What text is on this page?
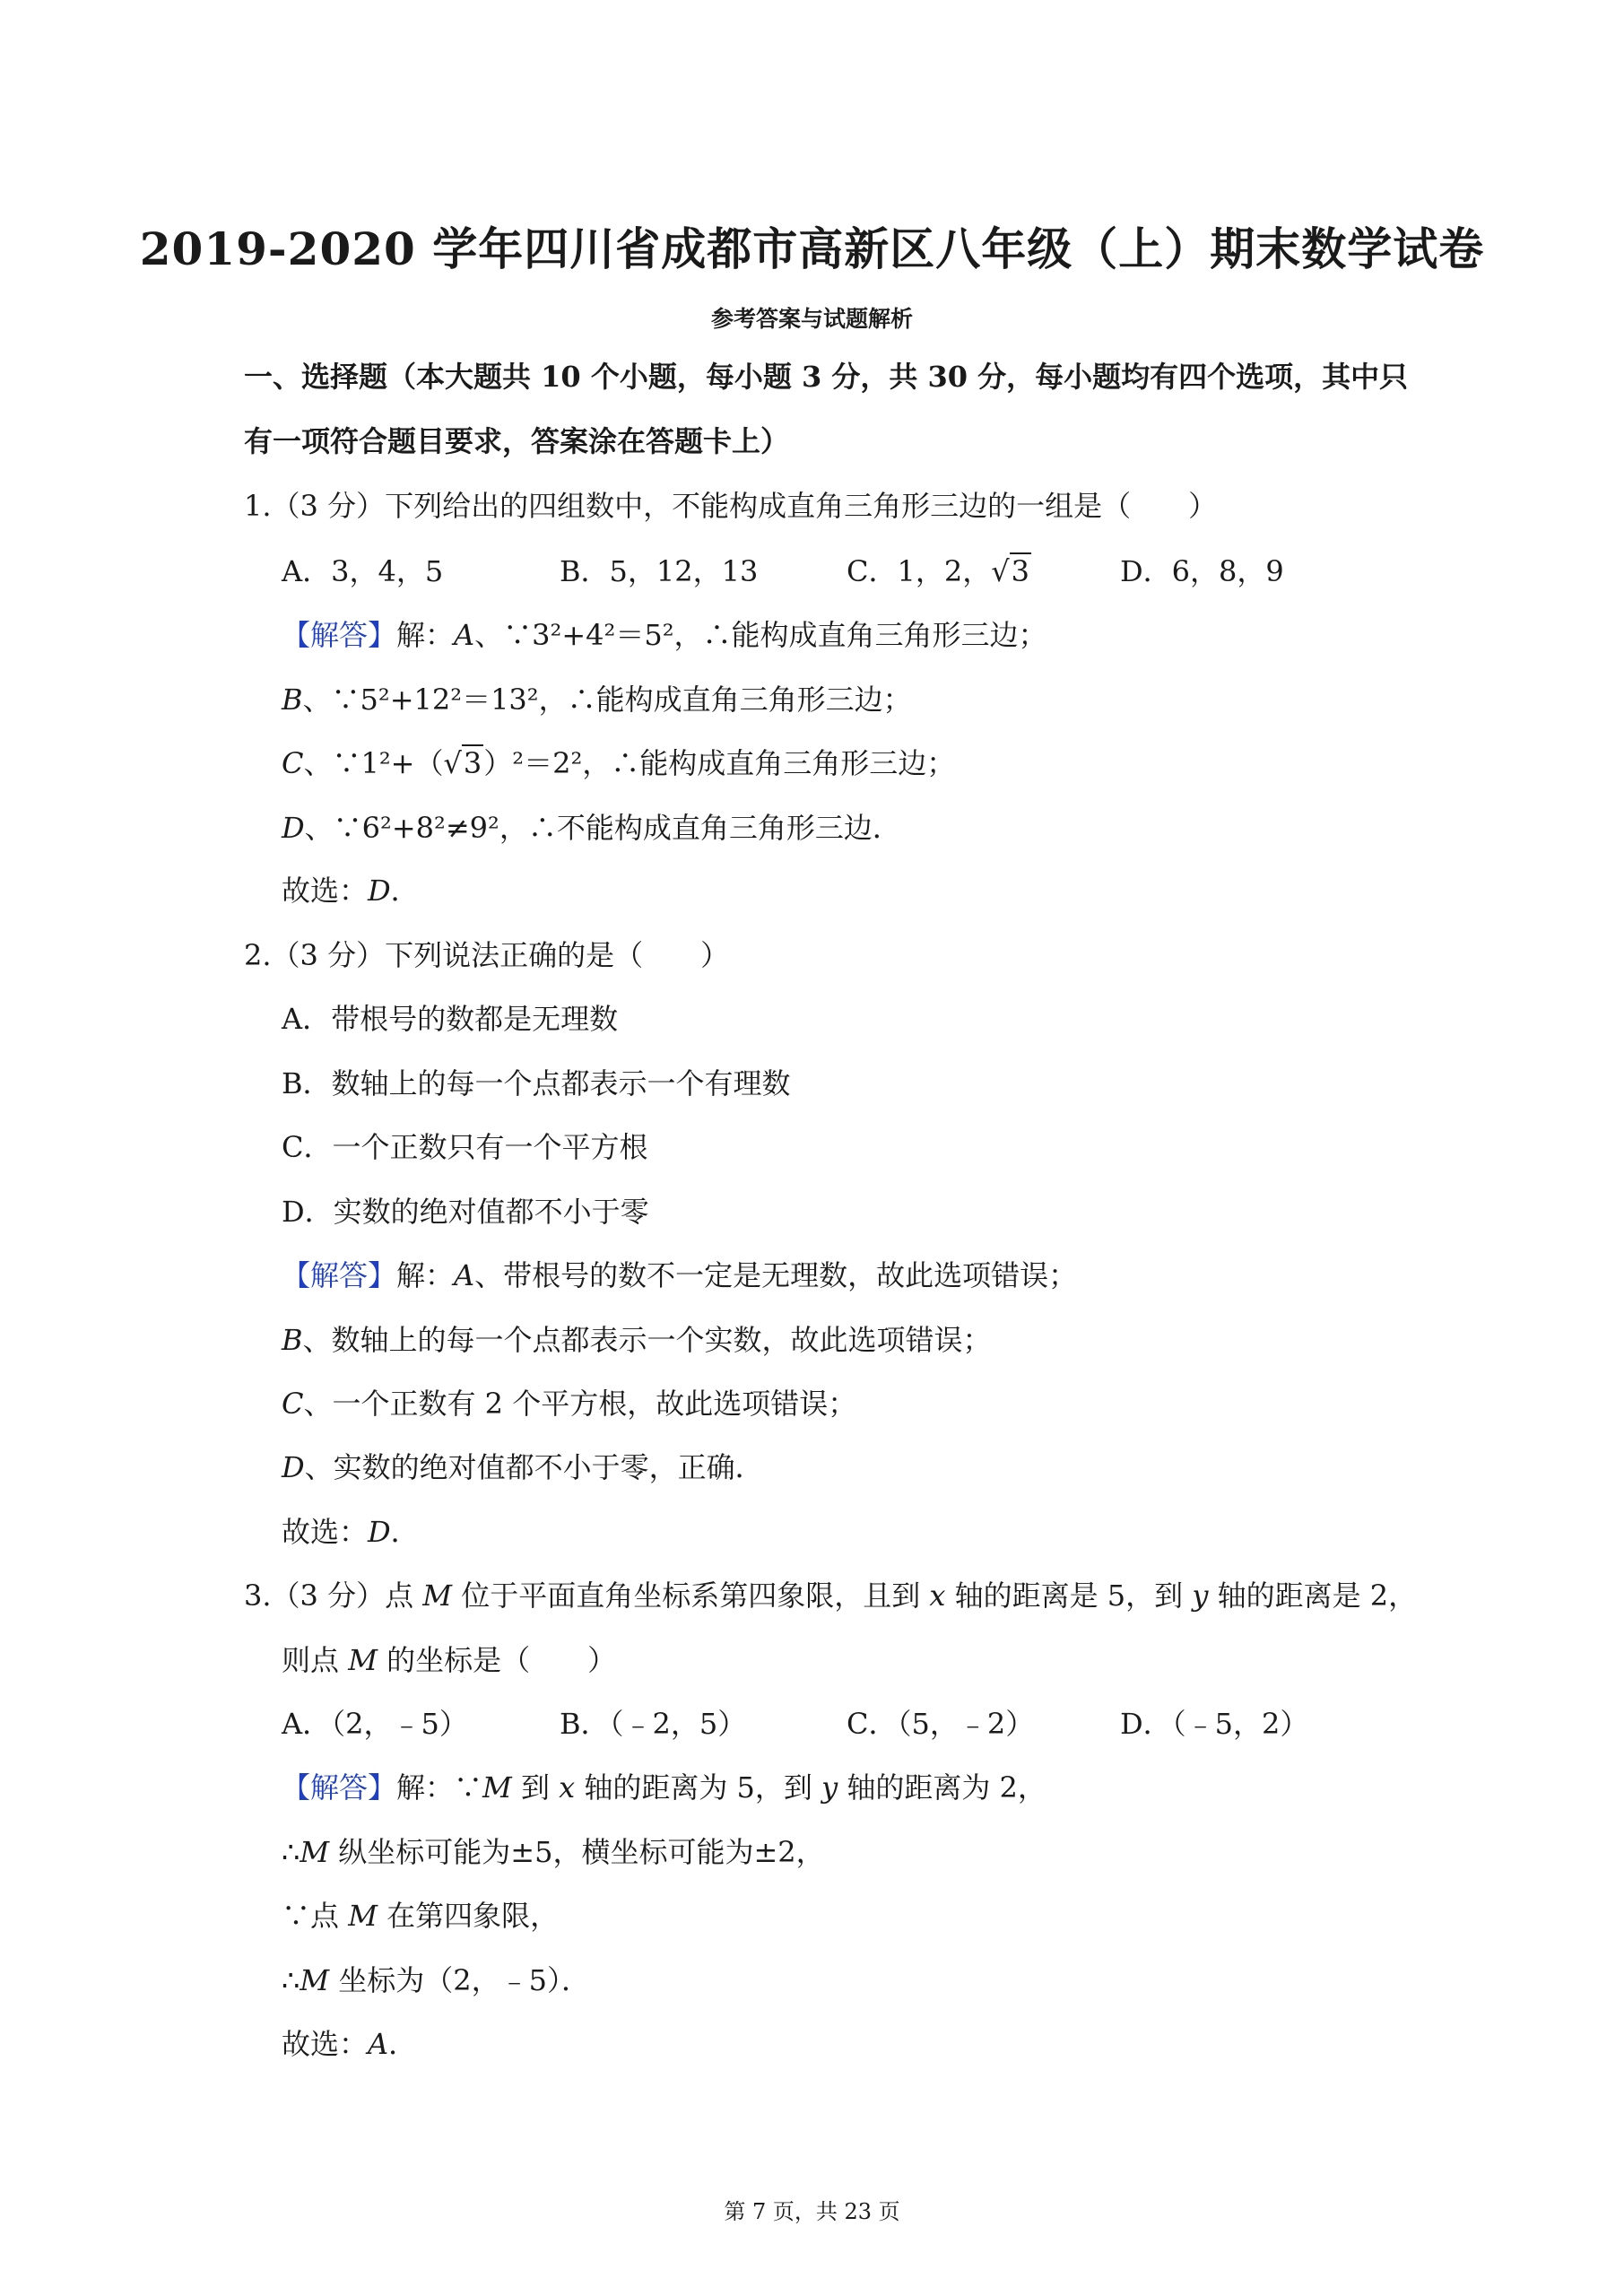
2019-2020 学年四川省成都市高新区八年级（上）期末数学试卷
参考答案与试题解析
一、选择题（本大题共 10 个小题，每小题 3 分，共 30 分，每小题均有四个选项，其中只
有一项符合题目要求，答案涂在答题卡上）
1.（3 分）下列给出的四组数中，不能构成直角三角形三边的一组是（　　）
A．3，4，5	B．5，12，13	C．1，2，√3	D．6，8，9
【解答】解：A、∵3²+4²＝5²，∴能构成直角三角形三边；
B、∵5²+12²＝13²，∴能构成直角三角形三边；
C、∵1²+（√3）²＝2²，∴能构成直角三角形三边；
D、∵6²+8²≠9²，∴不能构成直角三角形三边．
故选：D．
2.（3 分）下列说法正确的是（　　）
A．带根号的数都是无理数
B．数轴上的每一个点都表示一个有理数
C．一个正数只有一个平方根
D．实数的绝对值都不小于零
【解答】解：A、带根号的数不一定是无理数，故此选项错误；
B、数轴上的每一个点都表示一个实数，故此选项错误；
C、一个正数有 2 个平方根，故此选项错误；
D、实数的绝对值都不小于零，正确．
故选：D．
3.（3 分）点 M 位于平面直角坐标系第四象限，且到 x 轴的距离是 5，到 y 轴的距离是 2，
则点 M 的坐标是（　　）
A．（2，﹣5）	B．（﹣2，5）	C．（5，﹣2）	D．（﹣5，2）
【解答】解：∵M 到 x 轴的距离为 5，到 y 轴的距离为 2，
∴M 纵坐标可能为±5，横坐标可能为±2，
∵点 M 在第四象限，
∴M 坐标为（2，﹣5）．
故选：A．
第 7 页，共 23 页
